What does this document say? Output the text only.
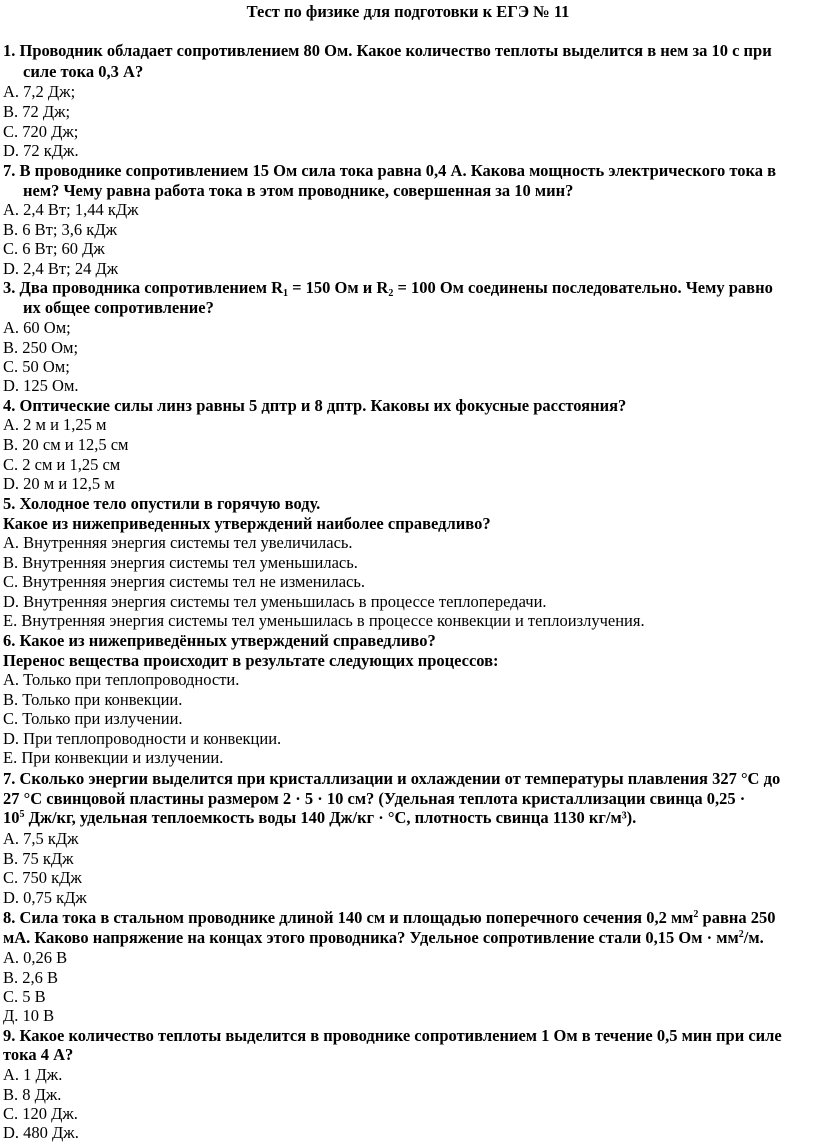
Тест по физике для подготовки к ЕГЭ № 11
1. Проводник обладает сопротивлением 80 Ом. Какое количество теплоты выделится в нем за 10 с при
силе тока 0,3 А?
А. 7,2 Дж;
В. 72 Дж;
С. 720 Дж;
D. 72 кДж.
7. В проводнике сопротивлением 15 Ом сила тока равна 0,4 А. Какова мощность электрического тока в
нем? Чему равна работа тока в этом проводнике, совершенная за 10 мин?
А. 2,4 Вт; 1,44 кДж
В. 6 Вт; 3,6 кДж
С. 6 Вт; 60 Дж
D. 2,4 Вт; 24 Дж
3. Два проводника сопротивлением $R_1 = 150$ Ом и $R_2 = 100$ Ом соединены последовательно. Чему равно
их общее сопротивление?
А. 60 Ом;
В. 250 Ом;
С. 50 Ом;
D. 125 Ом.
4. Оптические силы линз равны 5 дптр и 8 дптр. Каковы их фокусные расстояния?
А. 2 м и 1,25 м
В. 20 см и 12,5 см
С. 2 см и 1,25 см
D. 20 м и 12,5 м
5. Холодное тело опустили в горячую воду.
Какое из нижеприведенных утверждений наиболее справедливо?
А. Внутренняя энергия системы тел увеличилась.
В. Внутренняя энергия системы тел уменьшилась.
С. Внутренняя энергия системы тел не изменилась.
D. Внутренняя энергия системы тел уменьшилась в процессе теплопередачи.
Е. Внутренняя энергия системы тел уменьшилась в процессе конвекции и теплоизлучения.
6. Какое из нижеприведённых утверждений справедливо?
Перенос вещества происходит в результате следующих процессов:
А. Только при теплопроводности.
В. Только при конвекции.
С. Только при излучении.
D. При теплопроводности и конвекции.
Е. При конвекции и излучении.
7. Сколько энергии выделится при кристаллизации и охлаждении от температуры плавления 327 °С до
27 °С свинцовой пластины размером 2 · 5 · 10 см? (Удельная теплота кристаллизации свинца 0,25 ·
$10^5$ Дж/кг, удельная теплоемкость воды 140 Дж/кг · °С, плотность свинца 1130 кг/м³).
А. 7,5 кДж
В. 75 кДж
С. 750 кДж
D. 0,75 кДж
8. Сила тока в стальном проводнике длиной 140 см и площадью поперечного сечения 0,2 $мм^2$ равна 250
мА. Каково напряжение на концах этого проводника? Удельное сопротивление стали 0,15 Ом · $мм^2/м$.
А. 0,26 В
В. 2,6 В
С. 5 В
Д. 10 В
9. Какое количество теплоты выделится в проводнике сопротивлением 1 Ом в течение 0,5 мин при силе
тока 4 А?
А. 1 Дж.
В. 8 Дж.
С. 120 Дж.
D. 480 Дж.
